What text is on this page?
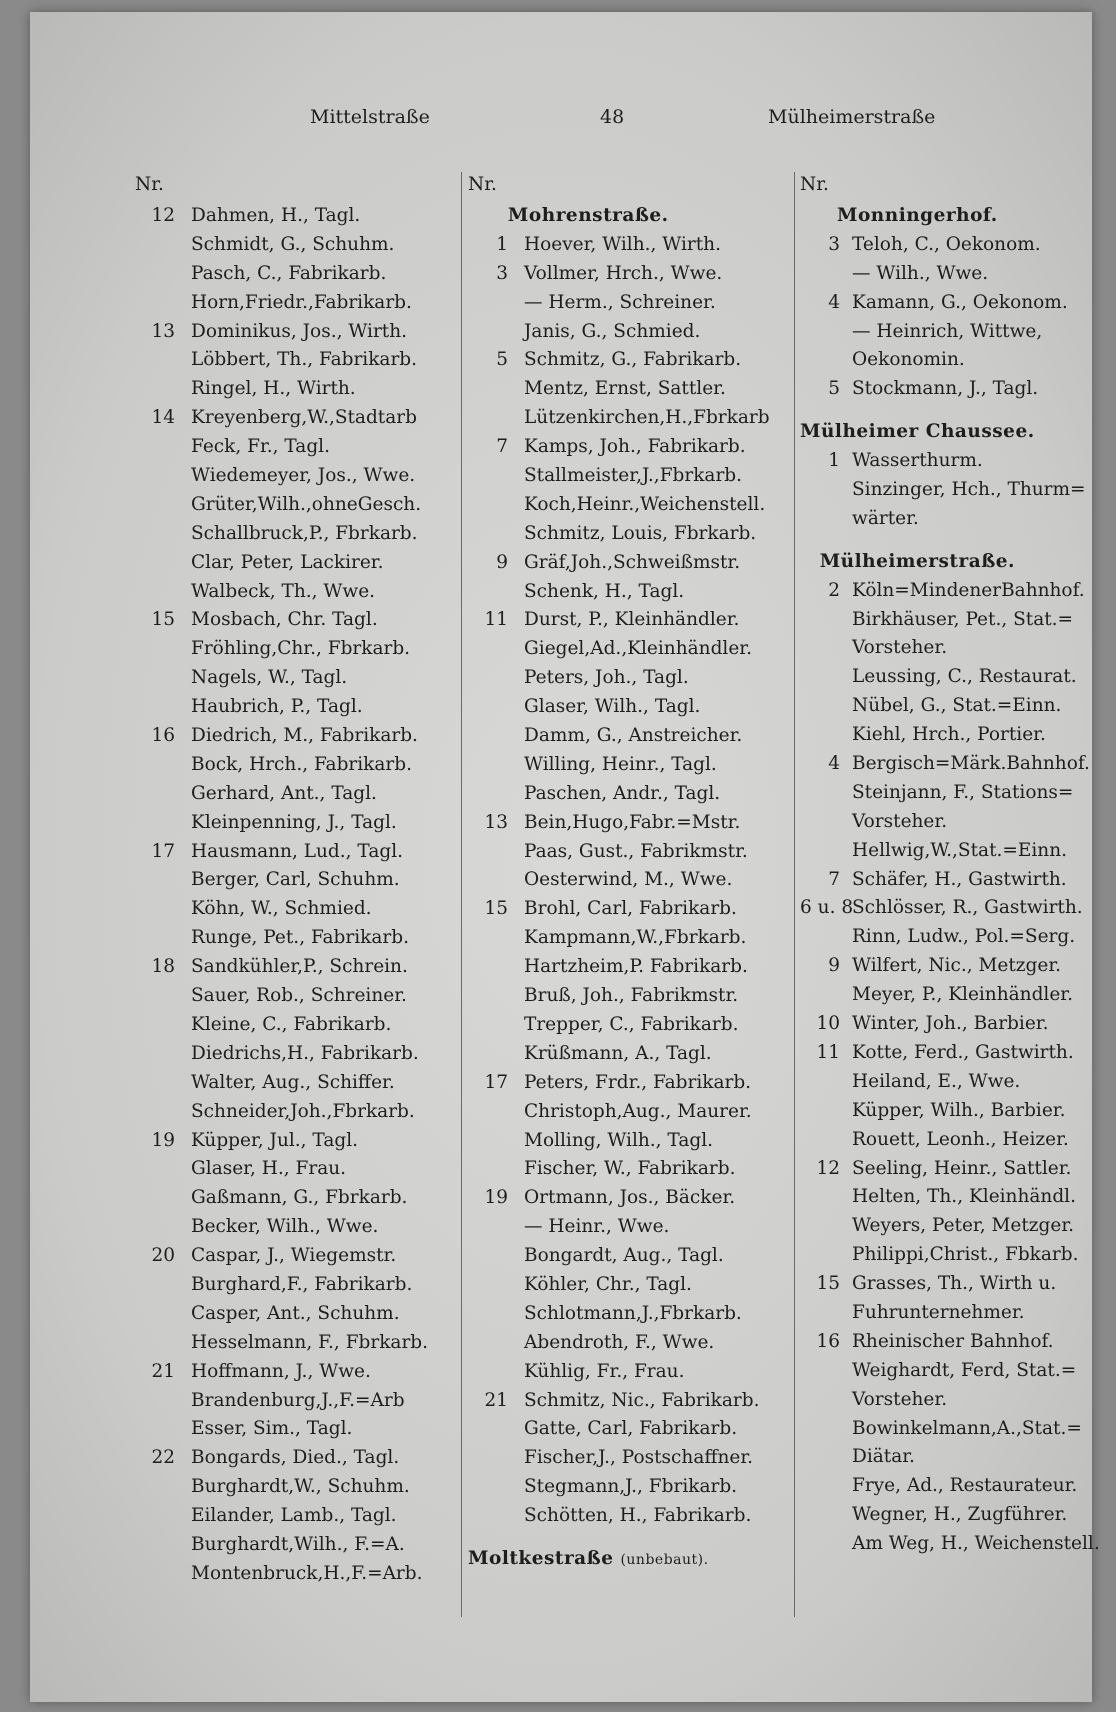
Mittelstraße	48	Mülheimerstraße
Nr.
12 Dahmen, H., Tagl.
Schmidt, G., Schuhm.
Pasch, C., Fabrikarb.
Horn,Friedr.,Fabrikarb.
13 Dominikus, Jos., Wirth.
Löbbert, Th., Fabrikarb.
Ringel, H., Wirth.
14 Kreyenberg,W.,Stadtarb
Feck, Fr., Tagl.
Wiedemeyer, Jos., Wwe.
Grüter,Wilh.,ohneGesch.
Schallbruck,P., Fbrkarb.
Clar, Peter, Lackirer.
Walbeck, Th., Wwe.
15 Mosbach, Chr. Tagl.
Fröhling,Chr., Fbrkarb.
Nagels, W., Tagl.
Haubrich, P., Tagl.
16 Diedrich, M., Fabrikarb.
Bock, Hrch., Fabrikarb.
Gerhard, Ant., Tagl.
Kleinpenning, J., Tagl.
17 Hausmann, Lud., Tagl.
Berger, Carl, Schuhm.
Köhn, W., Schmied.
Runge, Pet., Fabrikarb.
18 Sandkühler,P., Schrein.
Sauer, Rob., Schreiner.
Kleine, C., Fabrikarb.
Diedrichs,H., Fabrikarb.
Walter, Aug., Schiffer.
Schneider,Joh.,Fbrkarb.
19 Küpper, Jul., Tagl.
Glaser, H., Frau.
Gaßmann, G., Fbrkarb.
Becker, Wilh., Wwe.
20 Caspar, J., Wiegemstr.
Burghard,F., Fabrikarb.
Casper, Ant., Schuhm.
Hesselmann, F., Fbrkarb.
21 Hoffmann, J., Wwe.
Brandenburg,J.,F.=Arb
Esser, Sim., Tagl.
22 Bongards, Died., Tagl.
Burghardt,W., Schuhm.
Eilander, Lamb., Tagl.
Burghardt,Wilh., F.=A.
Montenbruck,H.,F.=Arb.
Nr.
Mohrenstraße.
1 Hoever, Wilh., Wirth.
3 Vollmer, Hrch., Wwe.
— Herm., Schreiner.
Janis, G., Schmied.
5 Schmitz, G., Fabrikarb.
Mentz, Ernst, Sattler.
Lützenkirchen,H.,Fbrkarb
7 Kamps, Joh., Fabrikarb.
Stallmeister,J.,Fbrkarb.
Koch,Heinr.,Weichenstell.
Schmitz, Louis, Fbrkarb.
9 Gräf,Joh.,Schweißmstr.
Schenk, H., Tagl.
11 Durst, P., Kleinhändler.
Giegel,Ad.,Kleinhändler.
Peters, Joh., Tagl.
Glaser, Wilh., Tagl.
Damm, G., Anstreicher.
Willing, Heinr., Tagl.
Paschen, Andr., Tagl.
13 Bein,Hugo,Fabr.=Mstr.
Paas, Gust., Fabrikmstr.
Oesterwind, M., Wwe.
15 Brohl, Carl, Fabrikarb.
Kampmann,W.,Fbrkarb.
Hartzheim,P. Fabrikarb.
Bruß, Joh., Fabrikmstr.
Trepper, C., Fabrikarb.
Krüßmann, A., Tagl.
17 Peters, Frdr., Fabrikarb.
Christoph,Aug., Maurer.
Molling, Wilh., Tagl.
Fischer, W., Fabrikarb.
19 Ortmann, Jos., Bäcker.
— Heinr., Wwe.
Bongardt, Aug., Tagl.
Köhler, Chr., Tagl.
Schlotmann,J.,Fbrkarb.
Abendroth, F., Wwe.
Kühlig, Fr., Frau.
21 Schmitz, Nic., Fabrikarb.
Gatte, Carl, Fabrikarb.
Fischer,J., Postschaffner.
Stegmann,J., Fbrikarb.
Schötten, H., Fabrikarb.
Moltkestraße (unbebaut).
Nr.
Monningerhof.
3 Teloh, C., Oekonom.
— Wilh., Wwe.
4 Kamann, G., Oekonom.
— Heinrich, Wittwe,
Oekonomin.
5 Stockmann, J., Tagl.
Mülheimer Chaussee.
1 Wasserthurm.
Sinzinger, Hch., Thurm=
wärter.
Mülheimerstraße.
2 Köln=MindenerBahnhof.
Birkhäuser, Pet., Stat.=
Vorsteher.
Leussing, C., Restaurat.
Nübel, G., Stat.=Einn.
Kiehl, Hrch., Portier.
4 Bergisch=Märk.Bahnhof.
Steinjann, F., Stations=
Vorsteher.
Hellwig,W.,Stat.=Einn.
7 Schäfer, H., Gastwirth.
6 u. 8
Schlösser, R., Gastwirth.
Rinn, Ludw., Pol.=Serg.
9 Wilfert, Nic., Metzger.
Meyer, P., Kleinhändler.
10 Winter, Joh., Barbier.
11 Kotte, Ferd., Gastwirth.
Heiland, E., Wwe.
Küpper, Wilh., Barbier.
Rouett, Leonh., Heizer.
12 Seeling, Heinr., Sattler.
Helten, Th., Kleinhändl.
Weyers, Peter, Metzger.
Philippi,Christ., Fbkarb.
15 Grasses, Th., Wirth u.
Fuhrunternehmer.
16 Rheinischer Bahnhof.
Weighardt, Ferd, Stat.=
Vorsteher.
Bowinkelmann,A.,Stat.=
Diätar.
Frye, Ad., Restaurateur.
Wegner, H., Zugführer.
Am Weg, H., Weichenstell.
